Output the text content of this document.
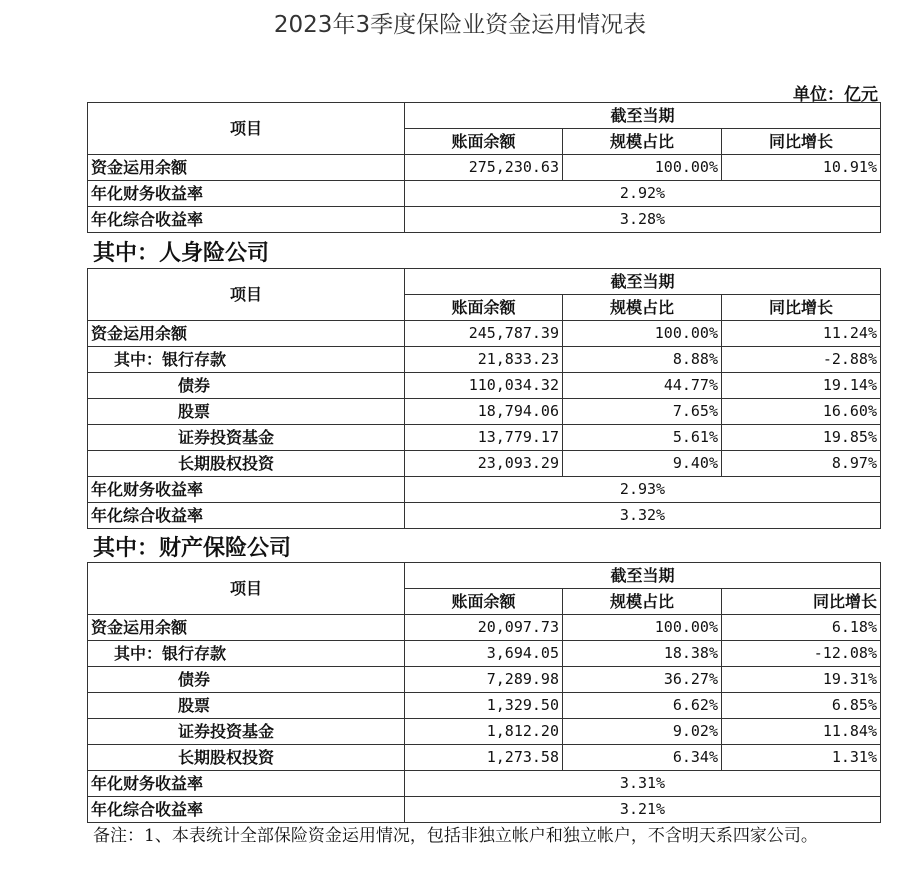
2023年3季度保险业资金运用情况表
单位：亿元
项目	截至当期		
	账面余额	规模占比	同比增长
资金运用余额	275,230.63	100.00%	10.91%
年化财务收益率	2.92%		
年化综合收益率	3.28%		
其中：人身险公司
项目	截至当期		
	账面余额	规模占比	同比增长
资金运用余额	245,787.39	100.00%	11.24%
其中：银行存款	21,833.23	8.88%	-2.88%
债券	110,034.32	44.77%	19.14%
股票	18,794.06	7.65%	16.60%
证券投资基金	13,779.17	5.61%	19.85%
长期股权投资	23,093.29	9.40%	8.97%
年化财务收益率	2.93%		
年化综合收益率	3.32%		
其中：财产保险公司
项目	截至当期		
	账面余额	规模占比	同比增长
资金运用余额	20,097.73	100.00%	6.18%
其中：银行存款	3,694.05	18.38%	-12.08%
债券	7,289.98	36.27%	19.31%
股票	1,329.50	6.62%	6.85%
证券投资基金	1,812.20	9.02%	11.84%
长期股权投资	1,273.58	6.34%	1.31%
年化财务收益率	3.31%		
年化综合收益率	3.21%		
备注：1、本表统计全部保险资金运用情况，包括非独立帐户和独立帐户，不含明天系四家公司。
